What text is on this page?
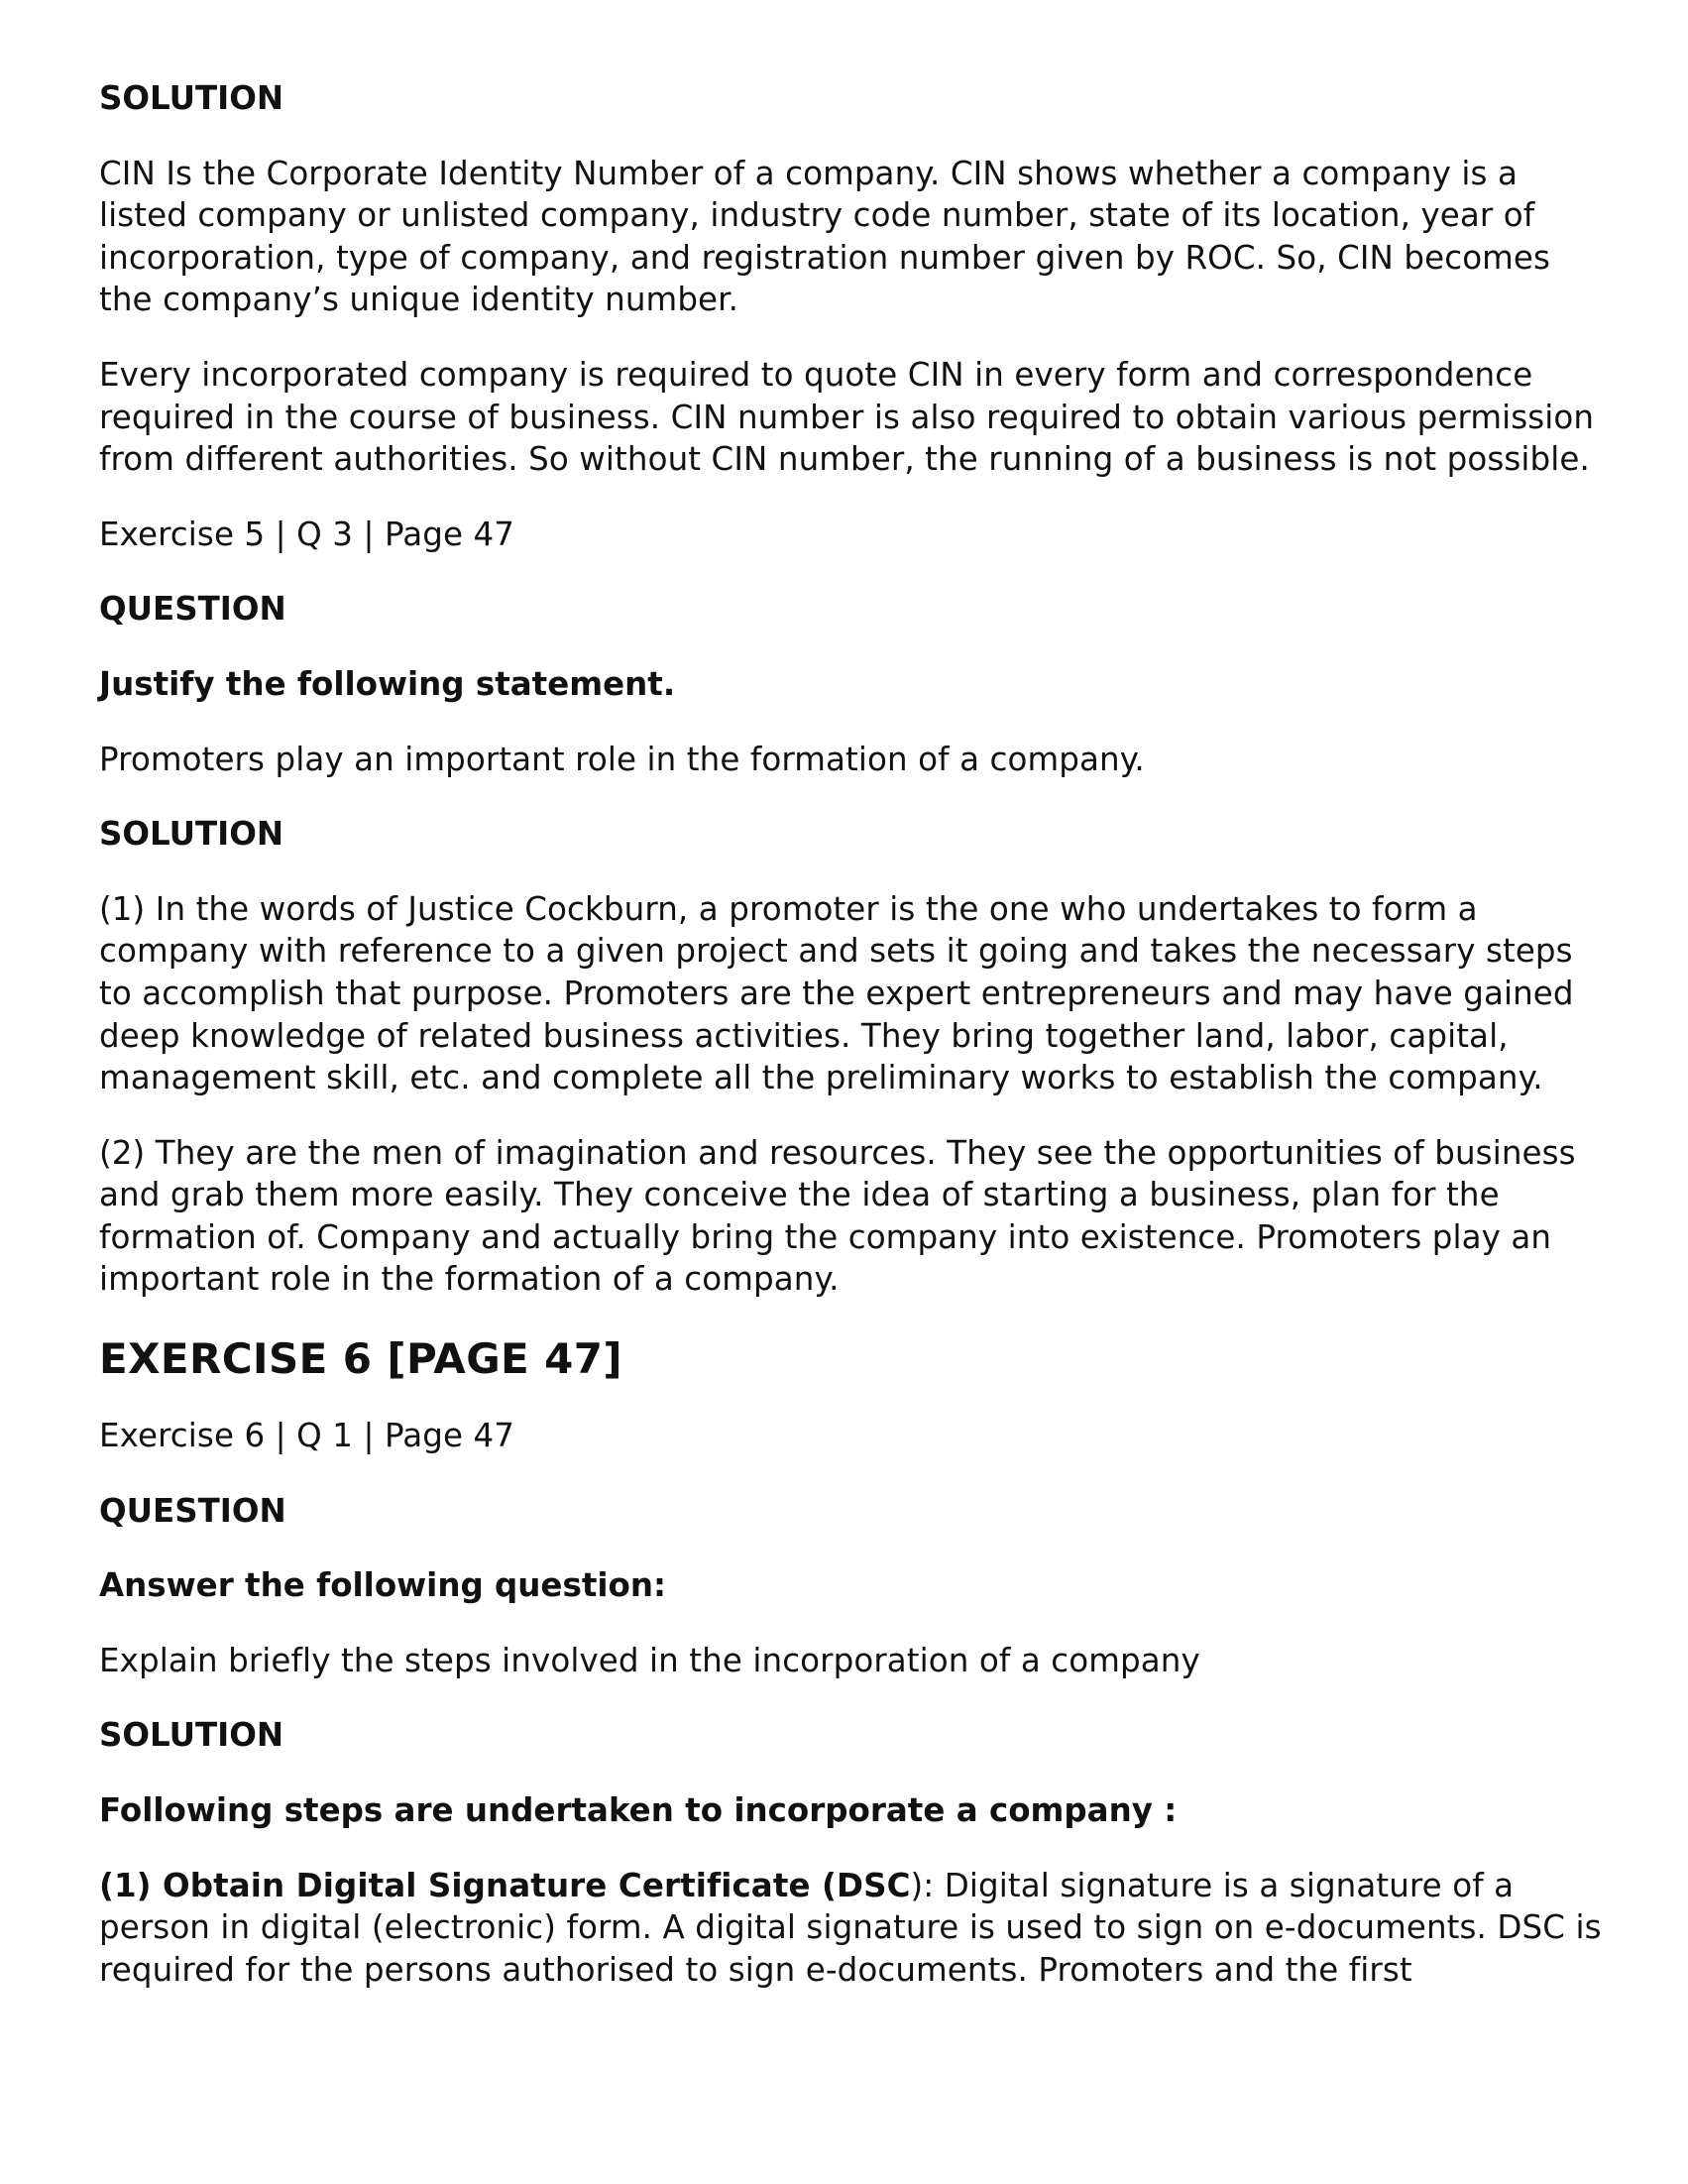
SOLUTION
CIN Is the Corporate Identity Number of a company. CIN shows whether a company is a listed company or unlisted company, industry code number, state of its location, year of incorporation, type of company, and registration number given by ROC. So, CIN becomes the company’s unique identity number.
Every incorporated company is required to quote CIN in every form and correspondence required in the course of business. CIN number is also required to obtain various permission from different authorities. So without CIN number, the running of a business is not possible.
Exercise 5 | Q 3 | Page 47
QUESTION
Justify the following statement.
Promoters play an important role in the formation of a company.
SOLUTION
(1) In the words of Justice Cockburn, a promoter is the one who undertakes to form a company with reference to a given project and sets it going and takes the necessary steps to accomplish that purpose. Promoters are the expert entrepreneurs and may have gained deep knowledge of related business activities. They bring together land, labor, capital, management skill, etc. and complete all the preliminary works to establish the company.
(2) They are the men of imagination and resources. They see the opportunities of business and grab them more easily. They conceive the idea of starting a business, plan for the formation of. Company and actually bring the company into existence. Promoters play an important role in the formation of a company.
EXERCISE 6 [PAGE 47]
Exercise 6 | Q 1 | Page 47
QUESTION
Answer the following question:
Explain briefly the steps involved in the incorporation of a company
SOLUTION
Following steps are undertaken to incorporate a company :
(1) Obtain Digital Signature Certificate (DSC): Digital signature is a signature of a person in digital (electronic) form. A digital signature is used to sign on e-documents. DSC is required for the persons authorised to sign e-documents. Promoters and the first
